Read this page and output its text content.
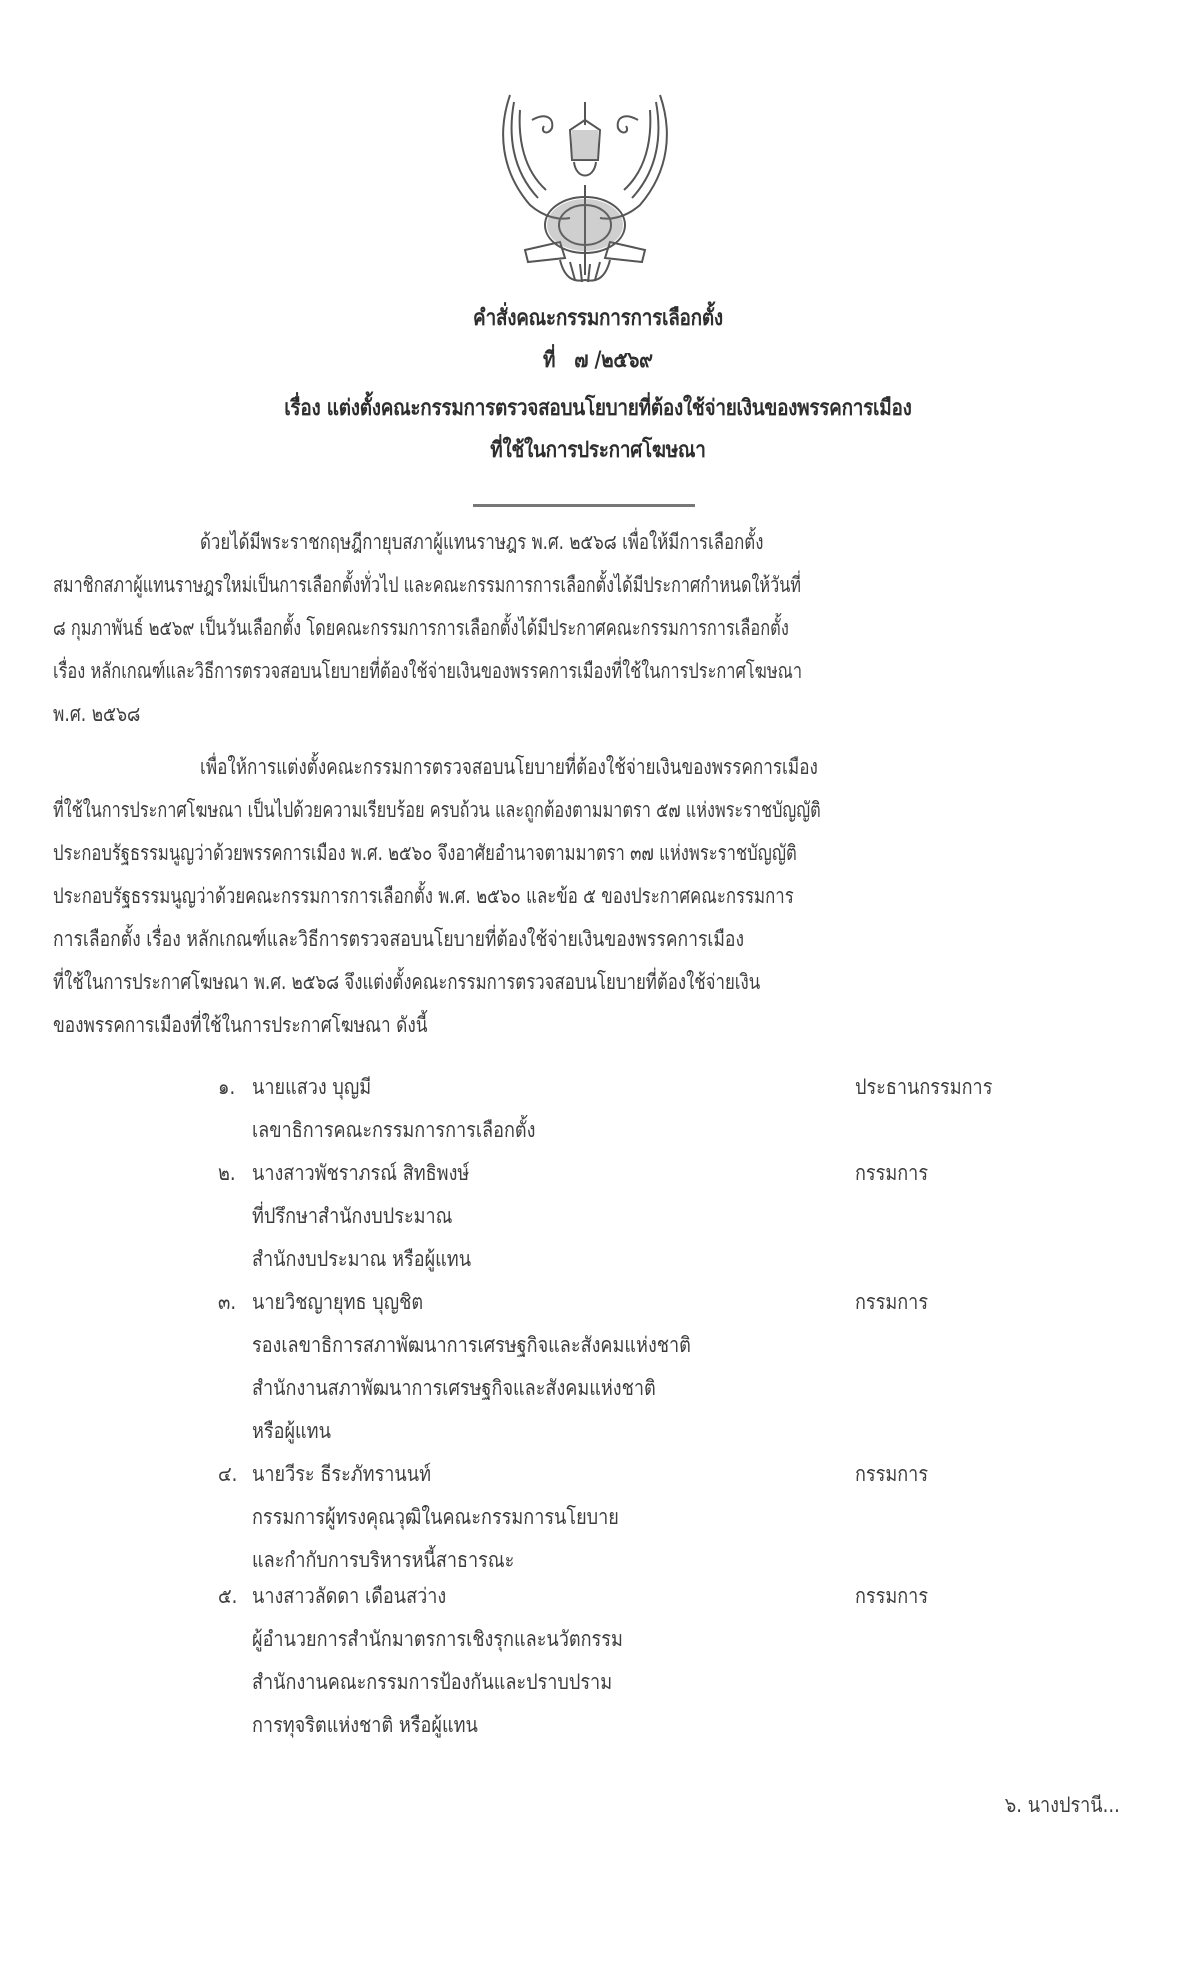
คำสั่งคณะกรรมการการเลือกตั้ง
ที่   ๗ /๒๕๖๙
เรื่อง แต่งตั้งคณะกรรมการตรวจสอบนโยบายที่ต้องใช้จ่ายเงินของพรรคการเมือง
ที่ใช้ในการประกาศโฆษณา
ด้วยได้มีพระราชกฤษฎีกายุบสภาผู้แทนราษฎร พ.ศ. ๒๕๖๘ เพื่อให้มีการเลือกตั้ง
สมาชิกสภาผู้แทนราษฎรใหม่เป็นการเลือกตั้งทั่วไป และคณะกรรมการการเลือกตั้งได้มีประกาศกำหนดให้วันที่
๘ กุมภาพันธ์ ๒๕๖๙ เป็นวันเลือกตั้ง โดยคณะกรรมการการเลือกตั้งได้มีประกาศคณะกรรมการการเลือกตั้ง
เรื่อง หลักเกณฑ์และวิธีการตรวจสอบนโยบายที่ต้องใช้จ่ายเงินของพรรคการเมืองที่ใช้ในการประกาศโฆษณา
พ.ศ. ๒๕๖๘
เพื่อให้การแต่งตั้งคณะกรรมการตรวจสอบนโยบายที่ต้องใช้จ่ายเงินของพรรคการเมือง
ที่ใช้ในการประกาศโฆษณา เป็นไปด้วยความเรียบร้อย ครบถ้วน และถูกต้องตามมาตรา ๕๗ แห่งพระราชบัญญัติ
ประกอบรัฐธรรมนูญว่าด้วยพรรคการเมือง พ.ศ. ๒๕๖๐ จึงอาศัยอำนาจตามมาตรา ๓๗ แห่งพระราชบัญญัติ
ประกอบรัฐธรรมนูญว่าด้วยคณะกรรมการการเลือกตั้ง พ.ศ. ๒๕๖๐ และข้อ ๕ ของประกาศคณะกรรมการ
การเลือกตั้ง เรื่อง หลักเกณฑ์และวิธีการตรวจสอบนโยบายที่ต้องใช้จ่ายเงินของพรรคการเมือง
ที่ใช้ในการประกาศโฆษณา พ.ศ. ๒๕๖๘ จึงแต่งตั้งคณะกรรมการตรวจสอบนโยบายที่ต้องใช้จ่ายเงิน
ของพรรคการเมืองที่ใช้ในการประกาศโฆษณา ดังนี้
๑. นายแสวง บุญมี	ประธานกรรมการ
เลขาธิการคณะกรรมการการเลือกตั้ง
๒. นางสาวพัชราภรณ์ สิทธิพงษ์	กรรมการ
ที่ปรึกษาสำนักงบประมาณ
สำนักงบประมาณ หรือผู้แทน
๓. นายวิชญายุทธ บุญชิต	กรรมการ
รองเลขาธิการสภาพัฒนาการเศรษฐกิจและสังคมแห่งชาติ
สำนักงานสภาพัฒนาการเศรษฐกิจและสังคมแห่งชาติ
หรือผู้แทน
๔. นายวีระ ธีระภัทรานนท์	กรรมการ
กรรมการผู้ทรงคุณวุฒิในคณะกรรมการนโยบาย
และกำกับการบริหารหนี้สาธารณะ
๕. นางสาวลัดดา เดือนสว่าง	กรรมการ
ผู้อำนวยการสำนักมาตรการเชิงรุกและนวัตกรรม
สำนักงานคณะกรรมการป้องกันและปราบปราม
การทุจริตแห่งชาติ หรือผู้แทน
๖. นางปรานี...
